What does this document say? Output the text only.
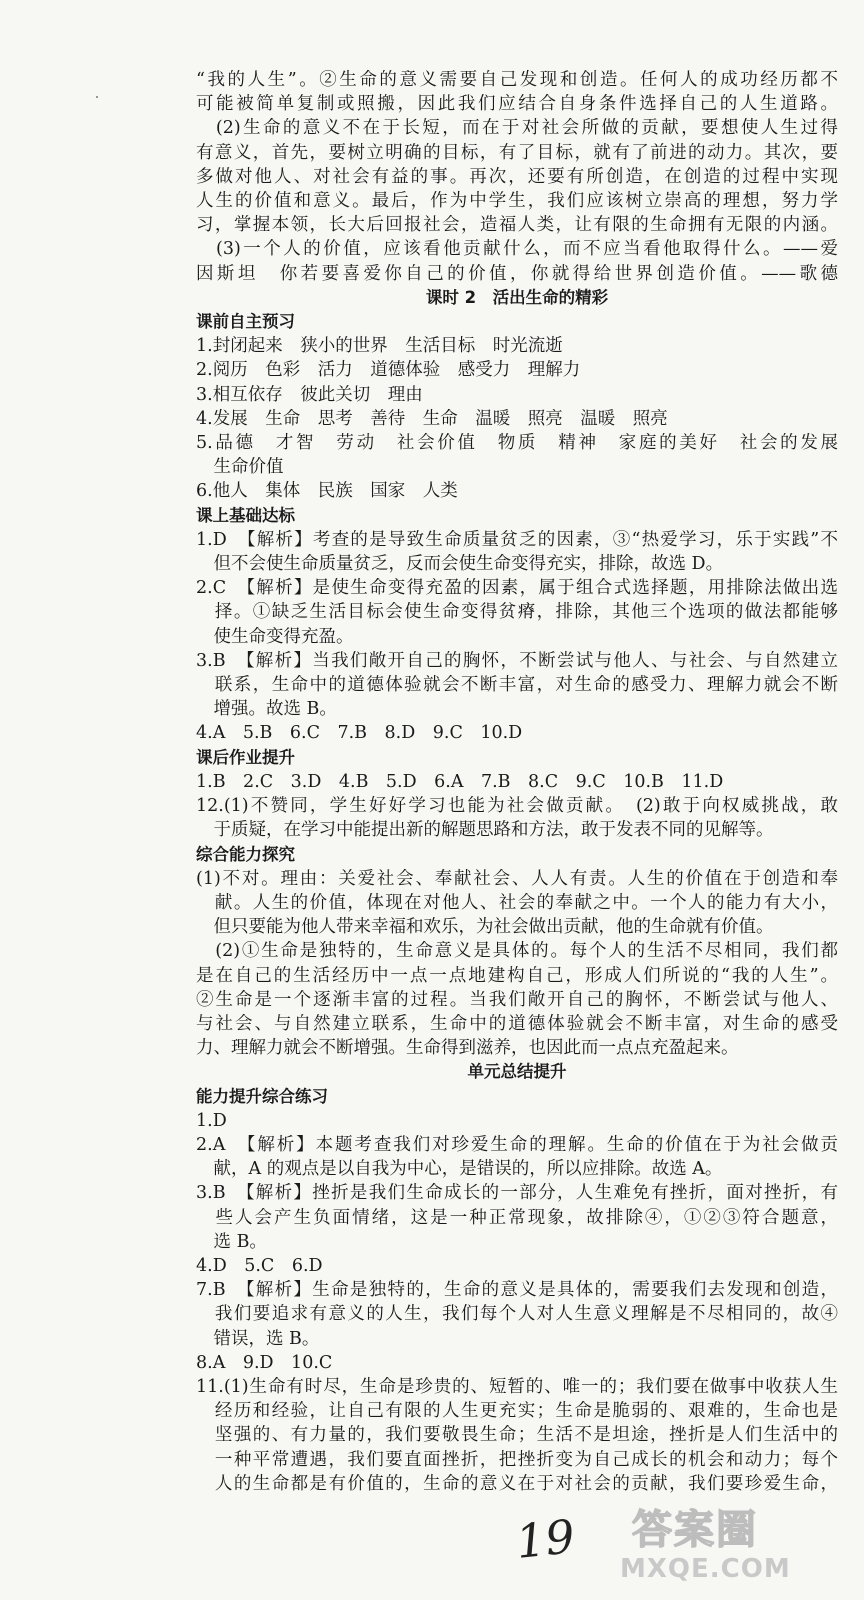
“我的人生”。②生命的意义需要自己发现和创造。任何人的成功经历都不

可能被简单复制或照搬，因此我们应结合自身条件选择自己的人生道路。

　(2)生命的意义不在于长短，而在于对社会所做的贡献，要想使人生过得

有意义，首先，要树立明确的目标，有了目标，就有了前进的动力。其次，要

多做对他人、对社会有益的事。再次，还要有所创造，在创造的过程中实现

人生的价值和意义。最后，作为中学生，我们应该树立崇高的理想，努力学

习，掌握本领，长大后回报社会，造福人类，让有限的生命拥有无限的内涵。

　(3)一个人的价值，应该看他贡献什么，而不应当看他取得什么。——爱

因斯坦　你若要喜爱你自己的价值，你就得给世界创造价值。——歌德

课时 2　活出生命的精彩

课前自主预习

1.封闭起来　狭小的世界　生活目标　时光流逝

2.阅历　色彩　活力　道德体验　感受力　理解力

3.相互依存　彼此关切　理由

4.发展　生命　思考　善待　生命　温暖　照亮　温暖　照亮

5.品德　才智　劳动　社会价值　物质　精神　家庭的美好　社会的发展

　生命价值

6.他人　集体　民族　国家　人类

课上基础达标

1.D　【解析】考查的是导致生命质量贫乏的因素，③“热爱学习，乐于实践”不

　但不会使生命质量贫乏，反而会使生命变得充实，排除，故选 D。

2.C　【解析】是使生命变得充盈的因素，属于组合式选择题，用排除法做出选

　择。①缺乏生活目标会使生命变得贫瘠，排除，其他三个选项的做法都能够

　使生命变得充盈。

3.B　【解析】当我们敞开自己的胸怀，不断尝试与他人、与社会、与自然建立

　联系，生命中的道德体验就会不断丰富，对生命的感受力、理解力就会不断

　增强。故选 B。

4.A　5.B　6.C　7.B　8.D　9.C　10.D

课后作业提升

1.B　2.C　3.D　4.B　5.D　6.A　7.B　8.C　9.C　10.B　11.D

12.(1)不赞同，学生好好学习也能为社会做贡献。　(2)敢于向权威挑战，敢

　于质疑，在学习中能提出新的解题思路和方法，敢于发表不同的见解等。

综合能力探究

(1)不对。理由：关爱社会、奉献社会、人人有责。人生的价值在于创造和奉

　献。人生的价值，体现在对他人、社会的奉献之中。一个人的能力有大小，

　但只要能为他人带来幸福和欢乐，为社会做出贡献，他的生命就有价值。

　(2)①生命是独特的，生命意义是具体的。每个人的生活不尽相同，我们都

是在自己的生活经历中一点一点地建构自己，形成人们所说的“我的人生”。

②生命是一个逐渐丰富的过程。当我们敞开自己的胸怀，不断尝试与他人、

与社会、与自然建立联系，生命中的道德体验就会不断丰富，对生命的感受

力、理解力就会不断增强。生命得到滋养，也因此而一点点充盈起来。

单元总结提升

能力提升综合练习

1.D

2.A　【解析】本题考查我们对珍爱生命的理解。生命的价值在于为社会做贡

　献，A 的观点是以自我为中心，是错误的，所以应排除。故选 A。

3.B　【解析】挫折是我们生命成长的一部分，人生难免有挫折，面对挫折，有

　些人会产生负面情绪，这是一种正常现象，故排除④，①②③符合题意，

　选 B。

4.D　5.C　6.D

7.B　【解析】生命是独特的，生命的意义是具体的，需要我们去发现和创造，

　我们要追求有意义的人生，我们每个人对人生意义理解是不尽相同的，故④

　错误，选 B。

8.A　9.D　10.C

11.(1)生命有时尽，生命是珍贵的、短暂的、唯一的；我们要在做事中收获人生

　经历和经验，让自己有限的人生更充实；生命是脆弱的、艰难的，生命也是

　坚强的、有力量的，我们要敬畏生命；生活不是坦途，挫折是人们生活中的

　一种平常遭遇，我们要直面挫折，把挫折变为自己成长的机会和动力；每个

　人的生命都是有价值的，生命的意义在于对社会的贡献，我们要珍爱生命，

19 答案圈
MXQE.COM
